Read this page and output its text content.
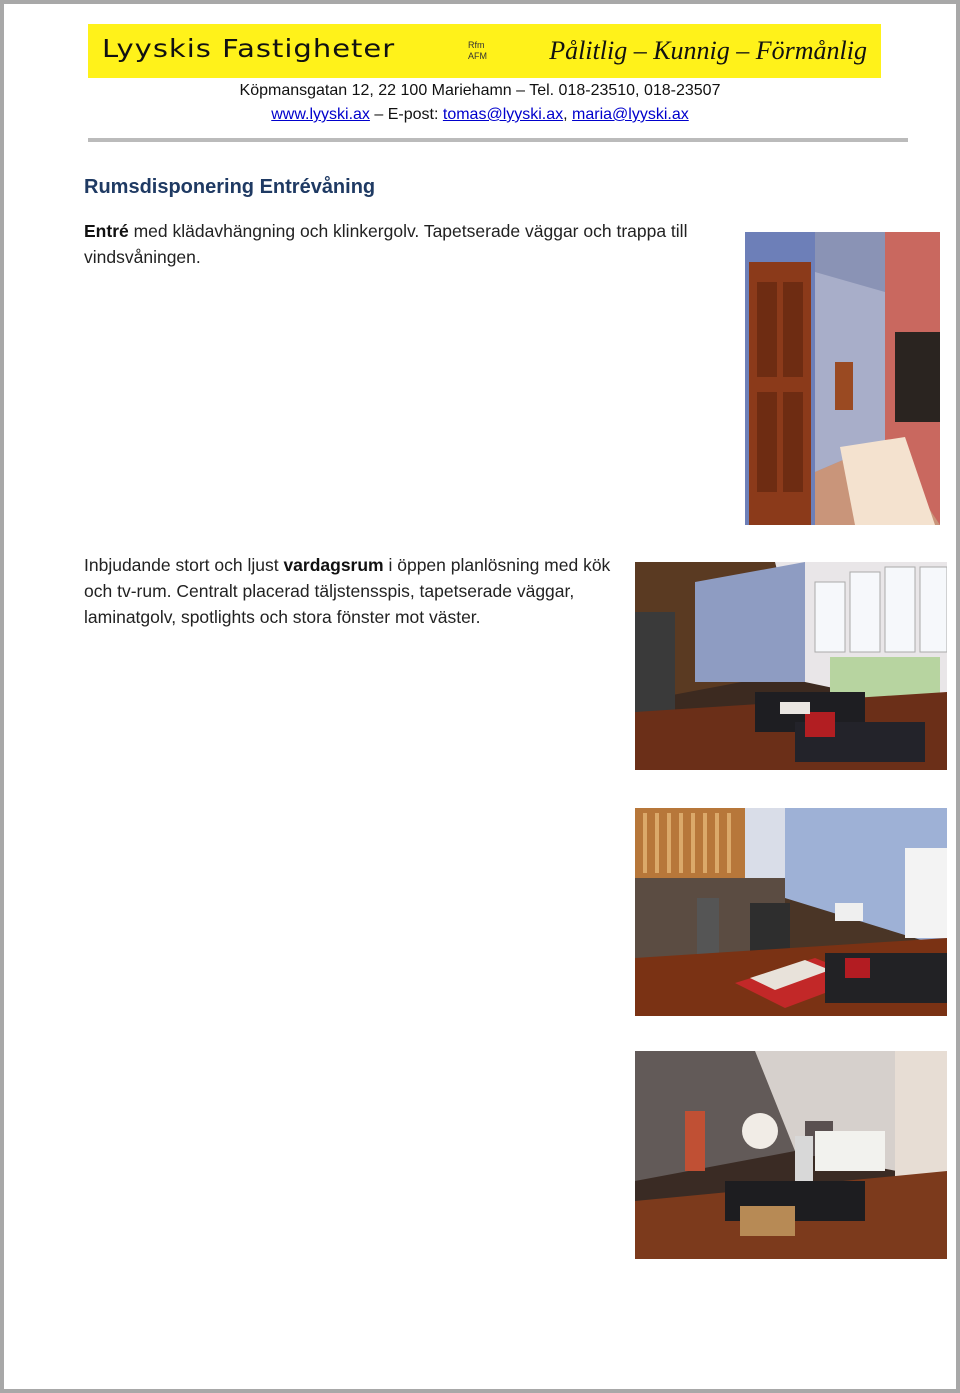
Lyyskis Fastigheter	Rfm
AFM Pålitlig – Kunnig – Förmånlig
Köpmansgatan 12, 22 100 Mariehamn – Tel. 018-23510, 018-23507
www.lyyski.ax – E-post: tomas@lyyski.ax, maria@lyyski.ax
Rumsdisponering Entrévåning

Entré med klädavhängning och klinkergolv. Tapetserade väggar och trappa till vindsvåningen.

Inbjudande stort och ljust vardagsrum i öppen planlösning med kök och tv-rum. Centralt placerad täljstensspis, tapetserade väggar, laminatgolv, spotlights och stora fönster mot väster.
